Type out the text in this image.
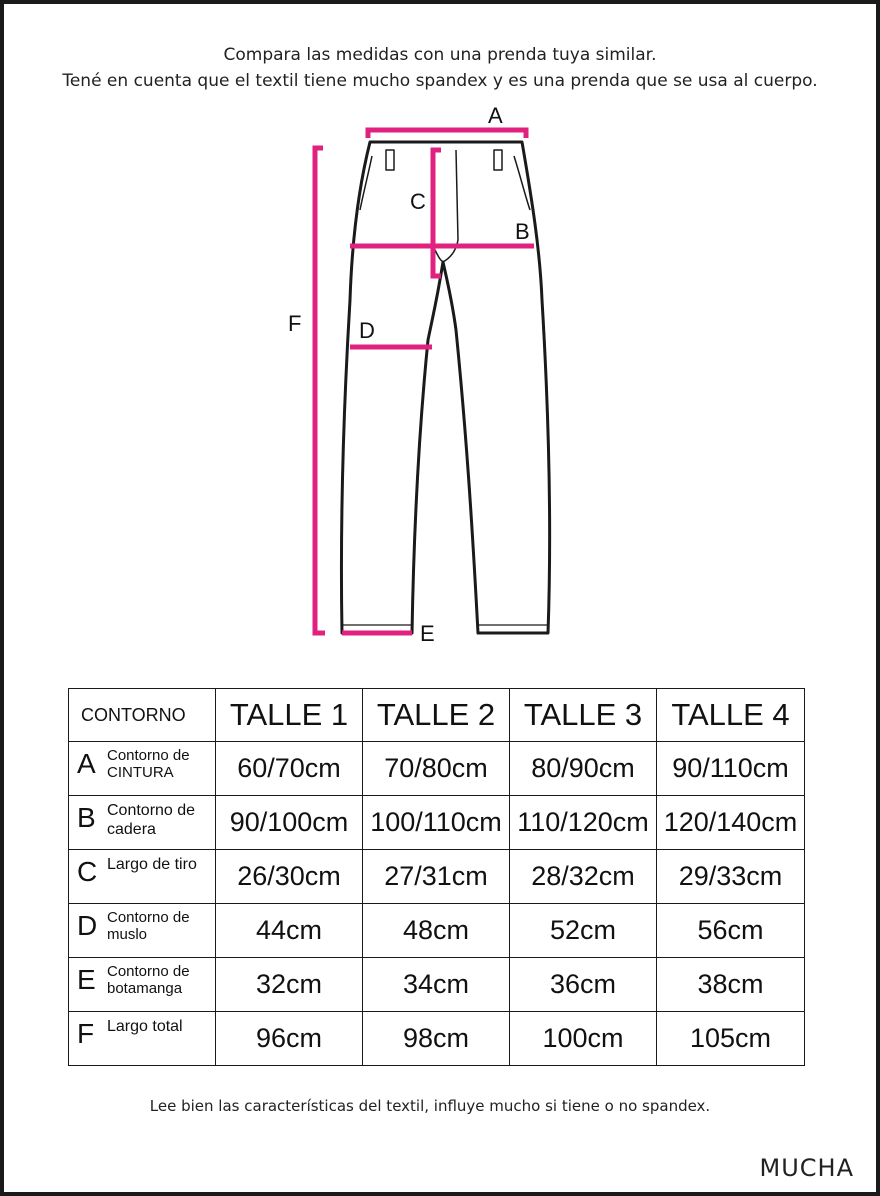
Compara las medidas con una prenda tuya similar.
Tené en cuenta que el textil tiene mucho spandex y es una prenda que se usa al cuerpo.
A
B
C
D
E
F
CONTORNO	TALLE 1	TALLE 2	TALLE 3	TALLE 4

A Contorno de CINTURA	60/70cm	70/80cm	80/90cm	90/110cm

B Contorno de cadera	90/100cm	100/110cm	110/120cm	120/140cm

C Largo de tiro	26/30cm	27/31cm	28/32cm	29/33cm

D Contorno de muslo	44cm	48cm	52cm	56cm

E Contorno de botamanga	32cm	34cm	36cm	38cm

F Largo total	96cm	98cm	100cm	105cm
Lee bien las características del textil, influye mucho si tiene o no spandex.
MUCHA
